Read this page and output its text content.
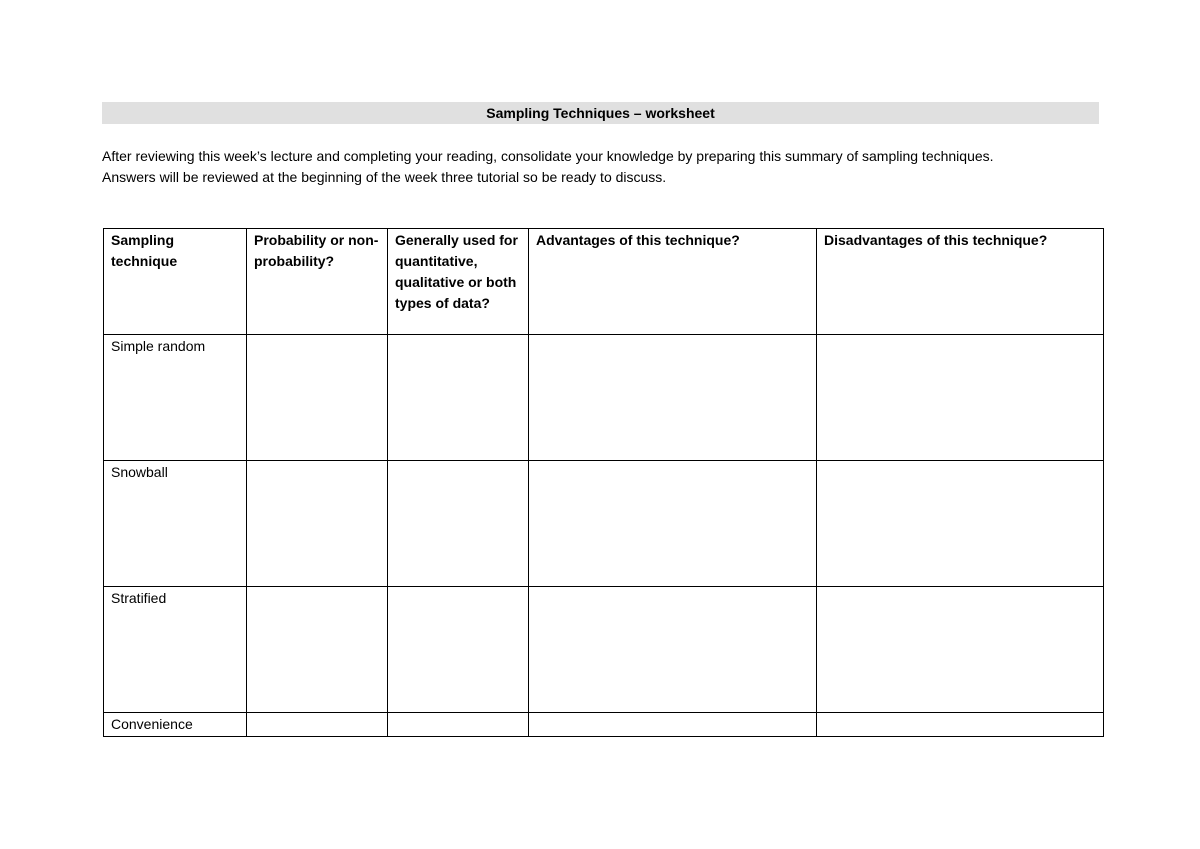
Sampling Techniques – worksheet

After reviewing this week’s lecture and completing your reading, consolidate your knowledge by preparing this summary of sampling techniques.

Answers will be reviewed at the beginning of the week three tutorial so be ready to discuss.

Sampling technique	Probability or non-probability?	Generally used for quantitative, qualitative or both types of data?	Advantages of this technique?	Disadvantages of this technique?
Simple random				
Snowball				
Stratified				
Convenience				
